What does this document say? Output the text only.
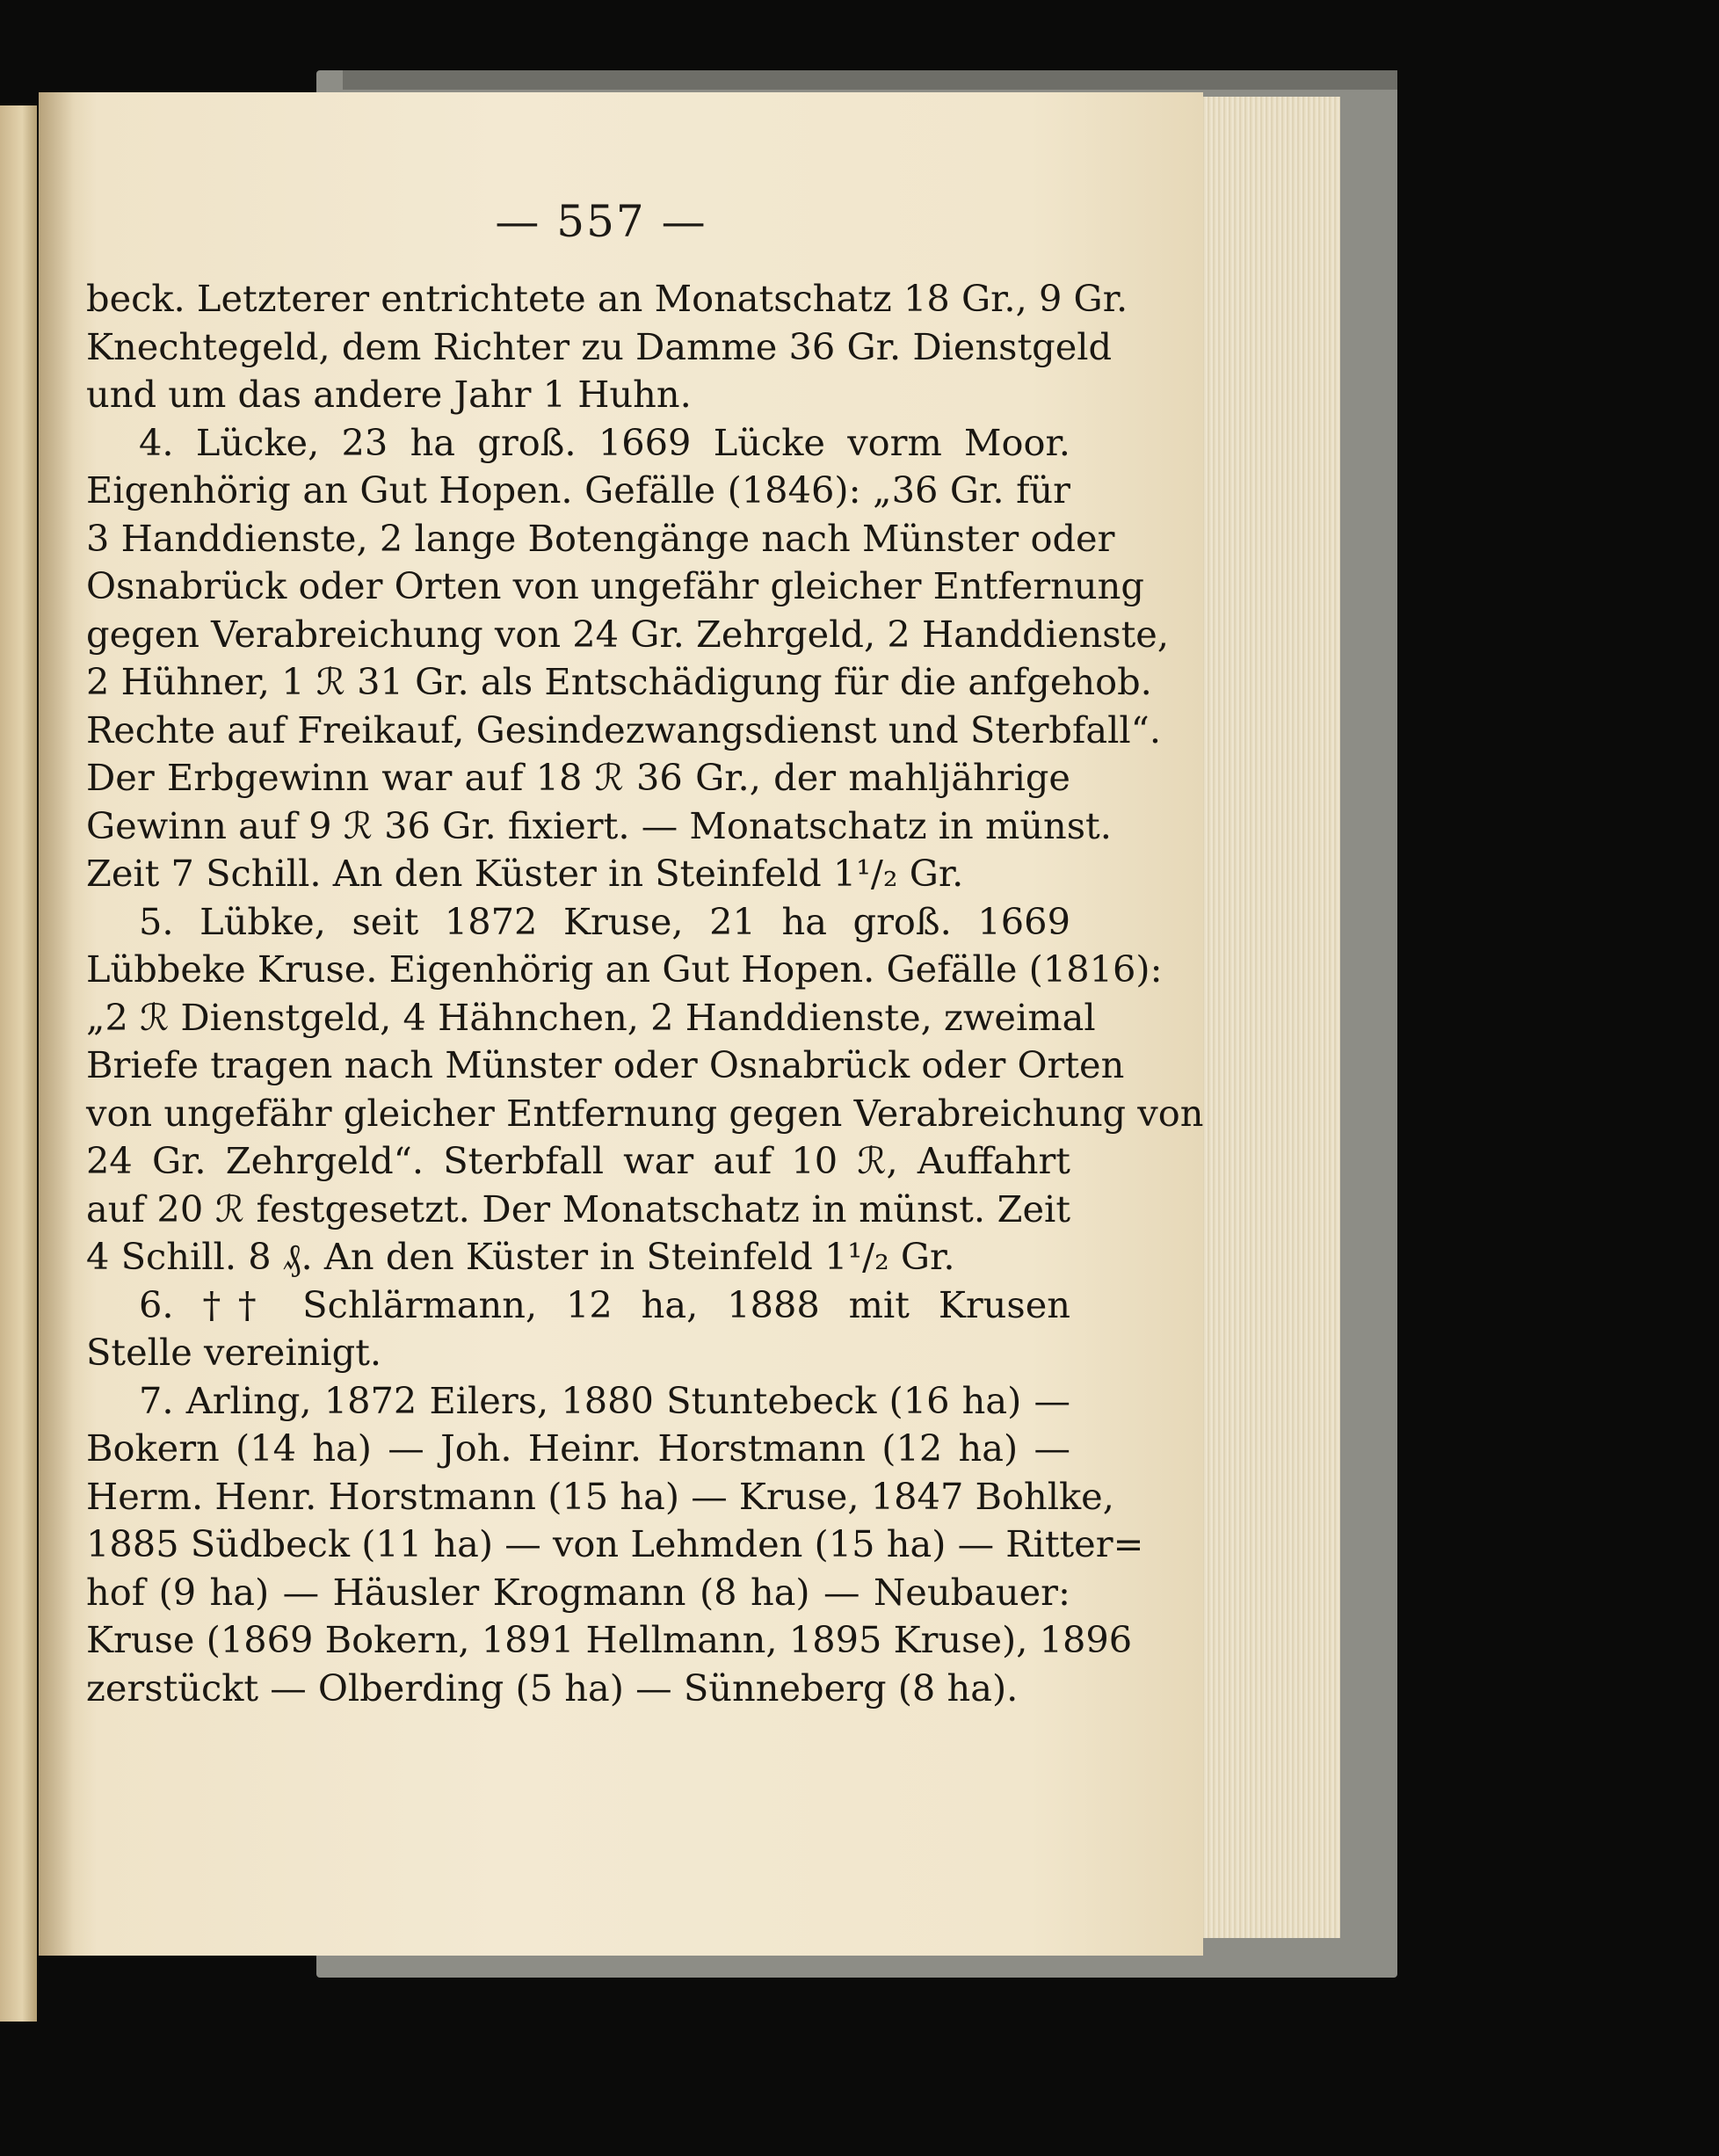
— 557 —
beck. Letzterer entrichtete an Monatschatz 18 Gr., 9 Gr.
Knechtegeld, dem Richter zu Damme 36 Gr. Dienstgeld
und um das andere Jahr 1 Huhn.
4. Lücke, 23 ha groß. 1669 Lücke vorm Moor.
Eigenhörig an Gut Hopen. Gefälle (1846): „36 Gr. für
3 Handdienste, 2 lange Botengänge nach Münster oder
Osnabrück oder Orten von ungefähr gleicher Entfernung
gegen Verabreichung von 24 Gr. Zehrgeld, 2 Handdienste,
2 Hühner, 1 ℛ︀ 31 Gr. als Entschädigung für die anfgehob.
Rechte auf Freikauf, Gesindezwangsdienst und Sterbfall“.
Der Erbgewinn war auf 18 ℛ︀ 36 Gr., der mahljährige
Gewinn auf 9 ℛ︀ 36 Gr. fixiert. — Monatschatz in münst.
Zeit 7 Schill. An den Küster in Steinfeld 1¹/₂ Gr.
5. Lübke, seit 1872 Kruse, 21 ha groß. 1669
Lübbeke Kruse. Eigenhörig an Gut Hopen. Gefälle (1816):
„2 ℛ︀ Dienstgeld, 4 Hähnchen, 2 Handdienste, zweimal
Briefe tragen nach Münster oder Osnabrück oder Orten
von ungefähr gleicher Entfernung gegen Verabreichung von
24 Gr. Zehrgeld“. Sterbfall war auf 10 ℛ︀, Auffahrt
auf 20 ℛ︀ festgesetzt. Der Monatschatz in münst. Zeit
4 Schill. 8 ₰. An den Küster in Steinfeld 1¹/₂ Gr.
6. †† Schlärmann, 12 ha, 1888 mit Krusen
Stelle vereinigt.
7. Arling, 1872 Eilers, 1880 Stuntebeck (16 ha) —
Bokern (14 ha) — Joh. Heinr. Horstmann (12 ha) —
Herm. Henr. Horstmann (15 ha) — Kruse, 1847 Bohlke,
1885 Südbeck (11 ha) — von Lehmden (15 ha) — Ritter=
hof (9 ha) — Häusler Krogmann (8 ha) — Neubauer:
Kruse (1869 Bokern, 1891 Hellmann, 1895 Kruse), 1896
zerstückt — Olberding (5 ha) — Sünneberg (8 ha).
